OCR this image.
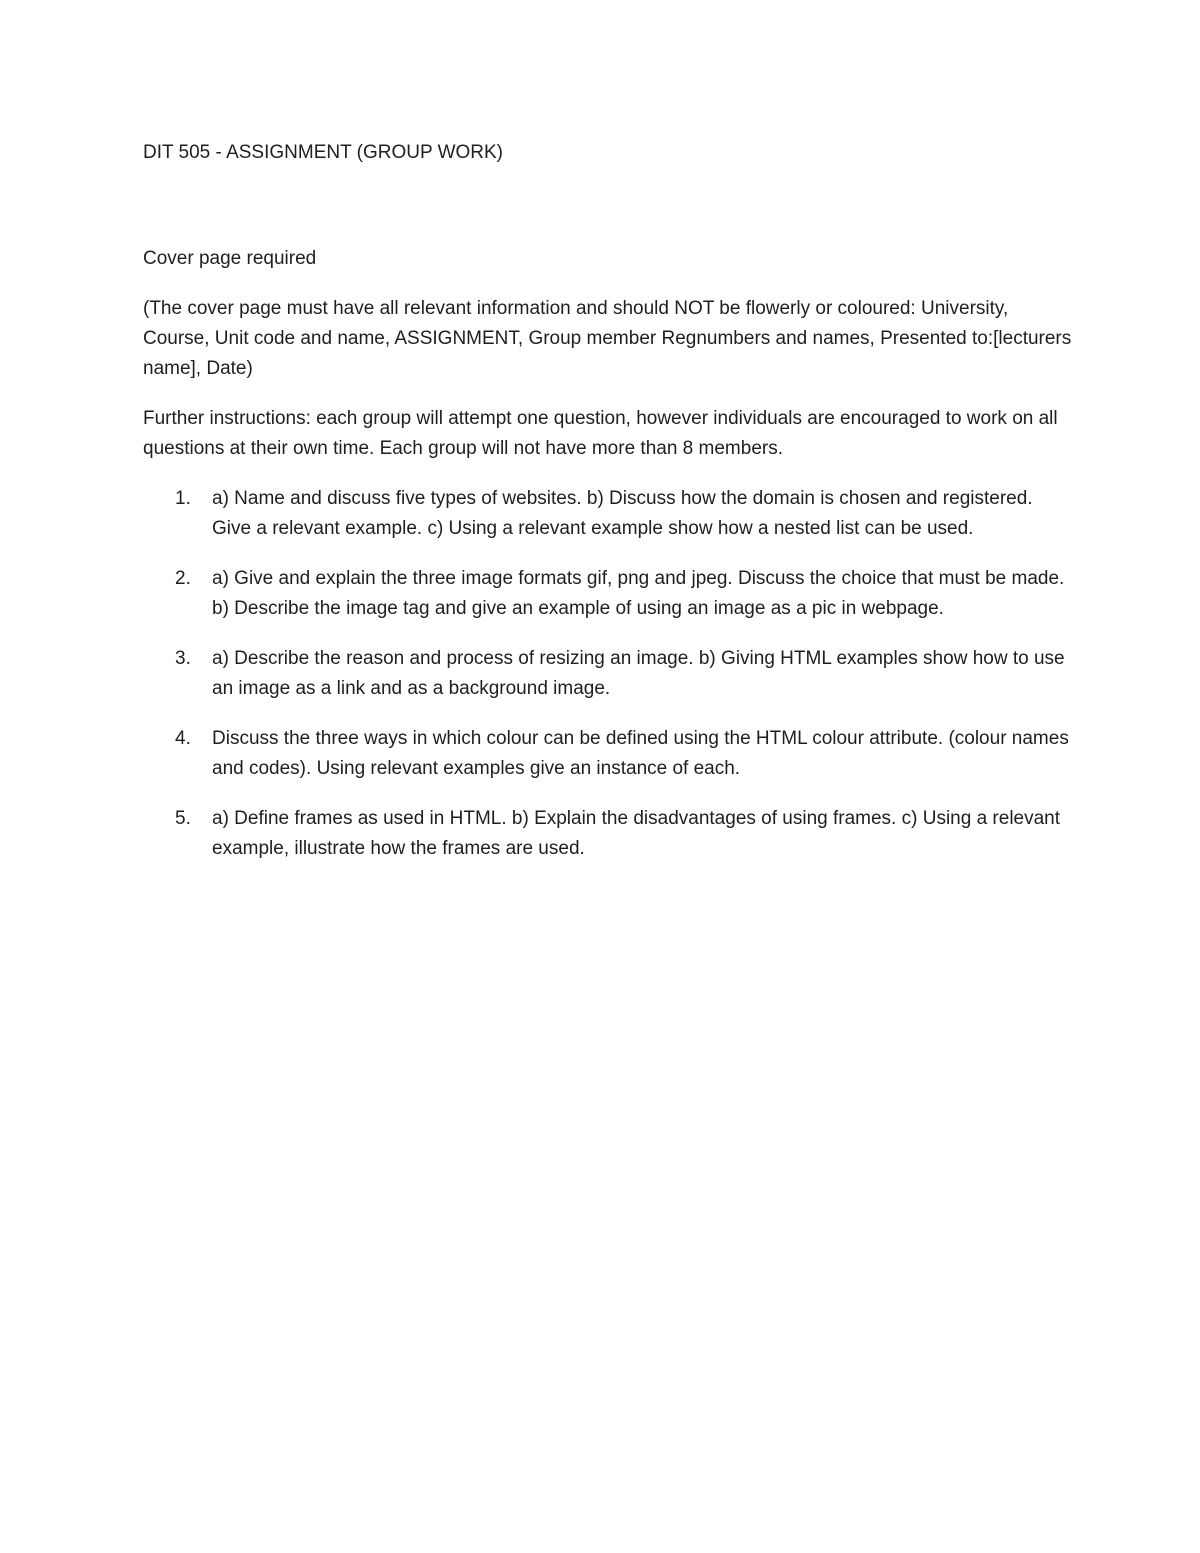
DIT 505 - ASSIGNMENT (GROUP WORK)

Cover page required

(The cover page must have all relevant information and should NOT be flowerly or coloured: University, Course, Unit code and name, ASSIGNMENT, Group member Regnumbers and names, Presented to:[lecturers name], Date)

Further instructions: each group will attempt one question, however individuals are encouraged to work on all questions at their own time. Each group will not have more than 8 members.

1. a) Name and discuss five types of websites. b) Discuss how the domain is chosen and registered. Give a relevant example. c) Using a relevant example show how a nested list can be used.
2. a) Give and explain the three image formats gif, png and jpeg. Discuss the choice that must be made. b) Describe the image tag and give an example of using an image as a pic in webpage.
3. a) Describe the reason and process of resizing an image. b) Giving HTML examples show how to use an image as a link and as a background image.
4. Discuss the three ways in which colour can be defined using the HTML colour attribute. (colour names and codes). Using relevant examples give an instance of each.
5. a) Define frames as used in HTML. b) Explain the disadvantages of using frames. c) Using a relevant example, illustrate how the frames are used.
